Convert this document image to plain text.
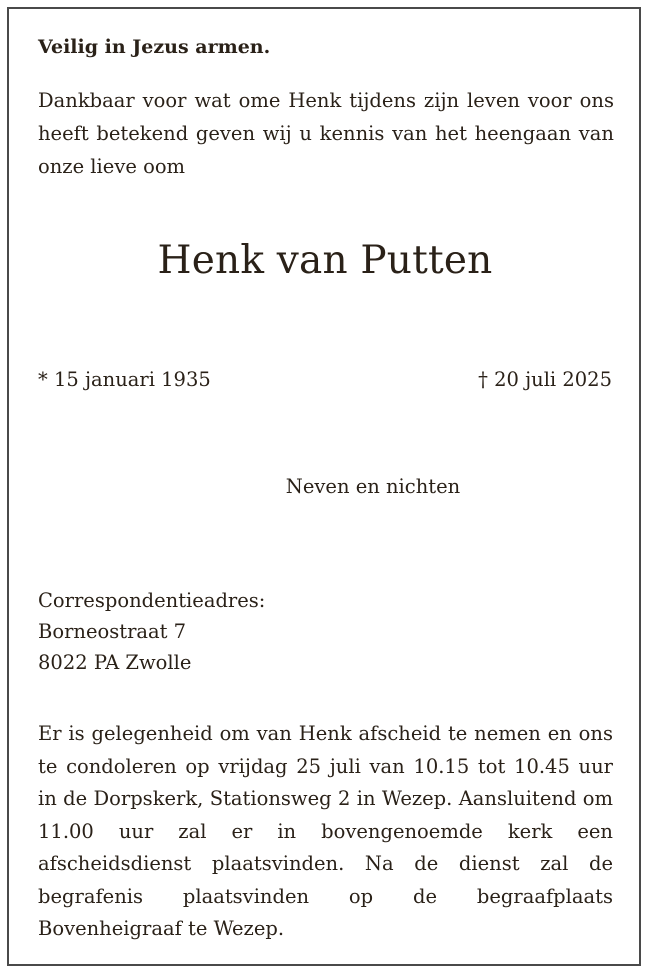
Veilig in Jezus armen.
Dankbaar voor wat ome Henk tijdens zijn leven voor ons heeft betekend geven wij u kennis van het heengaan van onze lieve oom
Henk van Putten
* 15 januari 1935	† 20 juli 2025
Neven en nichten
Correspondentieadres:
Borneostraat 7
8022 PA Zwolle
Er is gelegenheid om van Henk afscheid te nemen en ons te condoleren op vrijdag 25 juli van 10.15 tot 10.45 uur in de Dorpskerk, Stationsweg 2 in Wezep. Aansluitend om 11.00 uur zal er in bovengenoemde kerk een afscheidsdienst plaatsvinden. Na de dienst zal de begrafenis plaatsvinden op de begraafplaats Bovenheigraaf te Wezep.
